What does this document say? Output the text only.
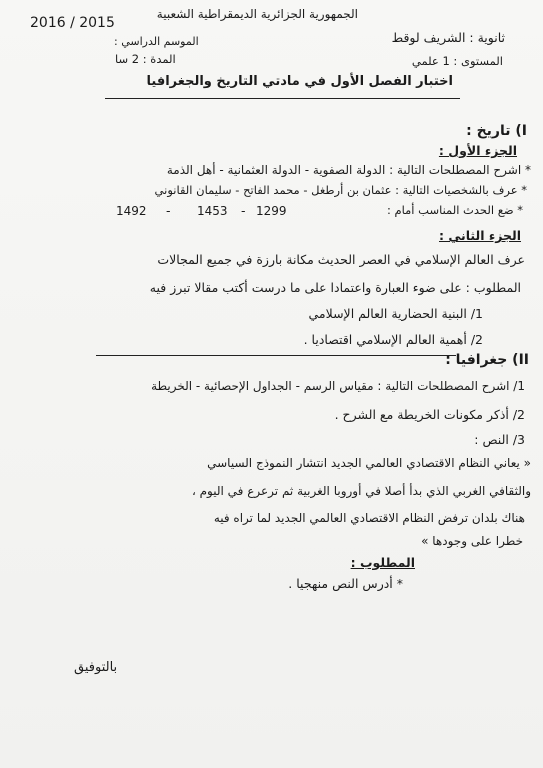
الجمهورية الجزائرية الديمقراطية الشعبية
2016 / 2015
ثانوية : الشريف لوقط
الموسم الدراسي :
المستوى : 1 علمي
المدة : 2 سا
اختبار الفصل الأول في مادتي التاريخ والجغرافيا
I) تاريخ :
الجزء الأول :
* اشرح المصطلحات التالية : الدولة الصفوية - الدولة العثمانية - أهل الذمة
* عرف بالشخصيات التالية : عثمان بن أرطغل - محمد الفاتح - سليمان القانوني
* ضع الحدث المناسب أمام :
1299
1453
1492	-
-
الجزء الثاني :
عرف العالم الإسلامي في العصر الحديث مكانة بارزة في جميع المجالات
المطلوب : على ضوء العبارة واعتمادا على ما درست أكتب مقالا تبرز فيه
1/ البنية الحضارية العالم الإسلامي
2/ أهمية العالم الإسلامي اقتصاديا .
II) جغرافيا :
1/ اشرح المصطلحات التالية : مقياس الرسم - الجداول الإحصائية - الخريطة
2/ أذكر مكونات الخريطة مع الشرح .
3/ النص :
« يعاني النظام الاقتصادي العالمي الجديد انتشار النموذج السياسي
والثقافي الغربي الذي بدأ أصلا في أوروبا الغربية ثم ترعرع في اليوم ،
هناك بلدان ترفض النظام الاقتصادي العالمي الجديد لما تراه فيه
خطرا على وجودها »
المطلوب :
* أدرس النص منهجيا .
بالتوفيق
